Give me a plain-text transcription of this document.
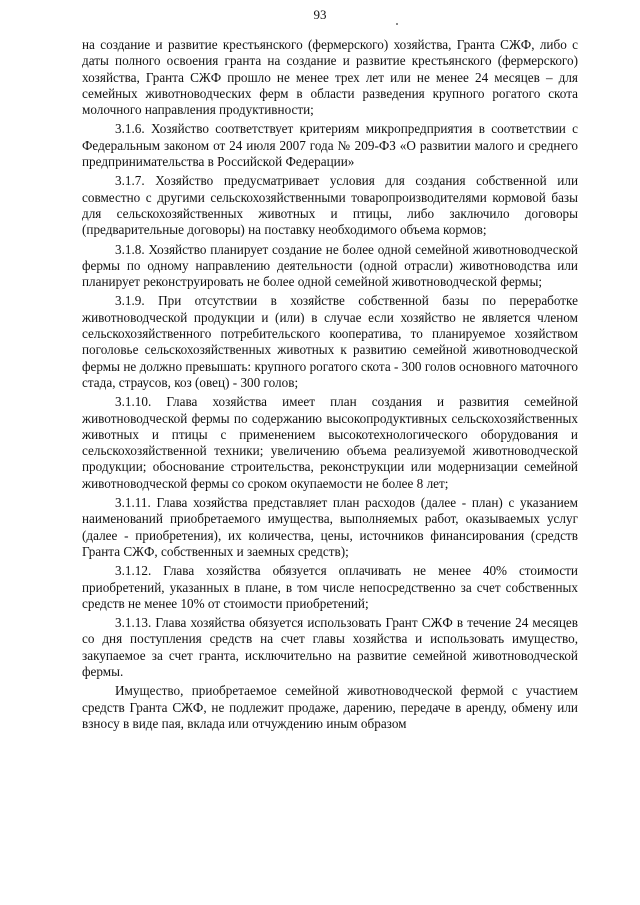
93

на создание и развитие крестьянского (фермерского) хозяйства, Гранта СЖФ, либо с даты полного освоения гранта на создание и развитие крестьянского (фермерского) хозяйства, Гранта СЖФ прошло не менее трех лет или не менее 24 месяцев – для семейных животноводческих ферм в области разведения крупного рогатого скота молочного направления продуктивности;

3.1.6. Хозяйство соответствует критериям микропредприятия в соответствии с Федеральным законом от 24 июля 2007 года № 209-ФЗ «О развитии малого и среднего предпринимательства в Российской Федерации»

3.1.7. Хозяйство предусматривает условия для создания собственной или совместно с другими сельскохозяйственными товаропроизводителями кормовой базы для сельскохозяйственных животных и птицы, либо заключило договоры (предварительные договоры) на поставку необходимого объема кормов;

3.1.8. Хозяйство планирует создание не более одной семейной животноводческой фермы по одному направлению деятельности (одной отрасли) животноводства или планирует реконструировать не более одной семейной животноводческой фермы;

3.1.9. При отсутствии в хозяйстве собственной базы по переработке животноводческой продукции и (или) в случае если хозяйство не является членом сельскохозяйственного потребительского кооператива, то планируемое хозяйством поголовье сельскохозяйственных животных к развитию семейной животноводческой фермы не должно превышать: крупного рогатого скота - 300 голов основного маточного стада, страусов, коз (овец) - 300 голов;

3.1.10. Глава хозяйства имеет план создания и развития семейной животноводческой фермы по содержанию высокопродуктивных сельскохозяйственных животных и птицы с применением высокотехнологического оборудования и сельскохозяйственной техники; увеличению объема реализуемой животноводческой продукции; обоснование строительства, реконструкции или модернизации семейной животноводческой фермы со сроком окупаемости не более 8 лет;

3.1.11. Глава хозяйства представляет план расходов (далее - план) с указанием наименований приобретаемого имущества, выполняемых работ, оказываемых услуг (далее - приобретения), их количества, цены, источников финансирования (средств Гранта СЖФ, собственных и заемных средств);

3.1.12. Глава хозяйства обязуется оплачивать не менее 40% стоимости приобретений, указанных в плане, в том числе непосредственно за счет собственных средств не менее 10% от стоимости приобретений;

3.1.13. Глава хозяйства обязуется использовать Грант СЖФ в течение 24 месяцев со дня поступления средств на счет главы хозяйства и использовать имущество, закупаемое за счет гранта, исключительно на развитие семейной животноводческой фермы.

Имущество, приобретаемое семейной животноводческой фермой с участием средств Гранта СЖФ, не подлежит продаже, дарению, передаче в аренду, обмену или взносу в виде пая, вклада или отчуждению иным образом
